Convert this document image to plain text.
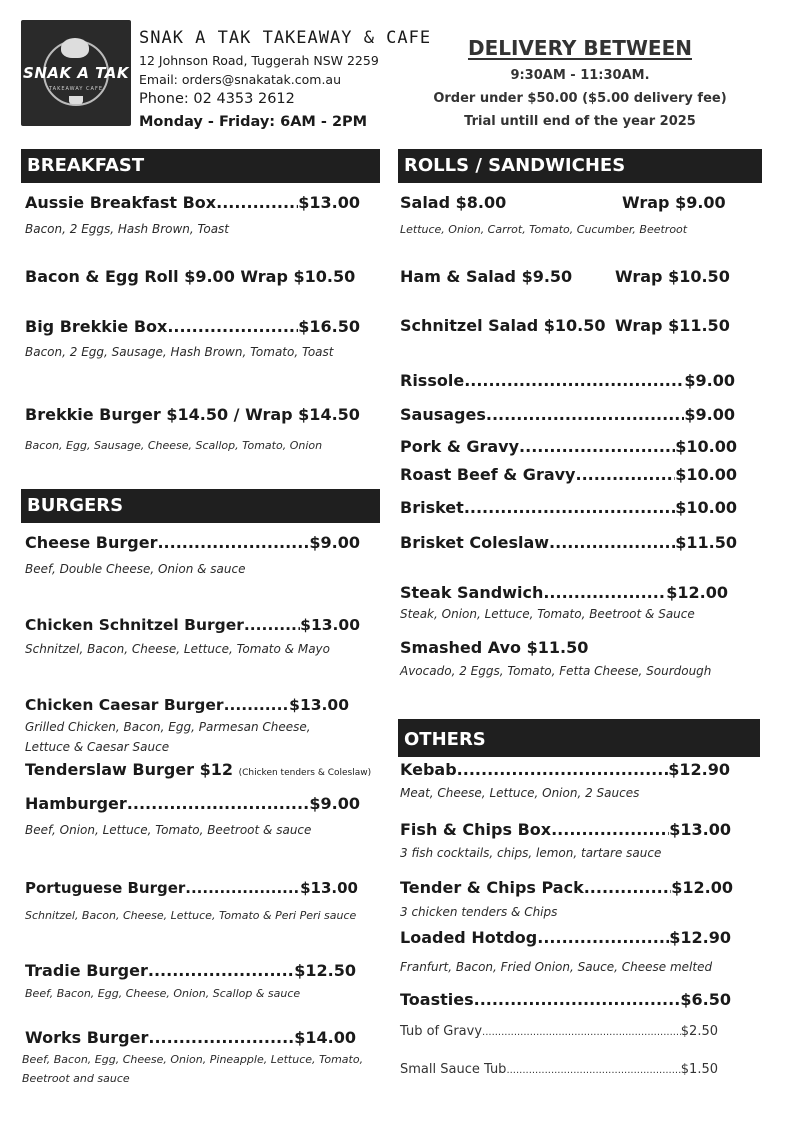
SNAK A TAK
TAKEAWAY CAFE
SNAK A TAK TAKEAWAY & CAFE
12 Johnson Road, Tuggerah NSW 2259
Email: orders@snakatak.com.au
Phone: 02 4353 2612
Monday - Friday: 6AM - 2PM
DELIVERY BETWEEN
9:30AM - 11:30AM.
Order under $50.00 ($5.00 delivery fee)
Trial untill end of the year 2025
BREAKFAST
Aussie Breakfast Box .....	$13.00
Bacon, 2 Eggs, Hash Brown, Toast
Bacon & Egg Roll $9.00 Wrap $10.50
Big Brekkie Box .....	$16.50
Bacon, 2 Egg, Sausage, Hash Brown, Tomato, Toast
Brekkie Burger $14.50 / Wrap $14.50
Bacon, Egg, Sausage, Cheese, Scallop, Tomato, Onion
BURGERS
Cheese Burger .....	$9.00
Beef, Double Cheese, Onion & sauce
Chicken Schnitzel Burger .....	$13.00
Schnitzel, Bacon, Cheese, Lettuce, Tomato & Mayo
Chicken Caesar Burger .....	$13.00
Grilled Chicken, Bacon, Egg, Parmesan Cheese,
Lettuce & Caesar Sauce
Tenderslaw Burger $12
(Chicken tenders & Coleslaw)
Hamburger .....	$9.00
Beef, Onion, Lettuce, Tomato, Beetroot & sauce
Portuguese Burger .....	$13.00
Schnitzel, Bacon, Cheese, Lettuce, Tomato & Peri Peri sauce
Tradie Burger .....	$12.50
Beef, Bacon, Egg, Cheese, Onion, Scallop & sauce
Works Burger .....	$14.00
Beef, Bacon, Egg, Cheese, Onion, Pineapple, Lettuce, Tomato,
Beetroot and sauce
ROLLS / SANDWICHES
Salad $8.00	Wrap $9.00
Lettuce, Onion, Carrot, Tomato, Cucumber, Beetroot
Ham & Salad $9.50	Wrap $10.50
Schnitzel Salad $10.50 Wrap $11.50
Rissole .....	$9.00
Sausages .....	$9.00
Pork & Gravy .....	$10.00
Roast Beef & Gravy .....	$10.00
Brisket .....	$10.00
Brisket Coleslaw .....	$11.50
Steak Sandwich .....	$12.00
Steak, Onion, Lettuce, Tomato, Beetroot & Sauce
Smashed Avo $11.50
Avocado, 2 Eggs, Tomato, Fetta Cheese, Sourdough
OTHERS
Kebab .....	$12.90
Meat, Cheese, Lettuce, Onion, 2 Sauces
Fish & Chips Box .....	$13.00
3 fish cocktails, chips, lemon, tartare sauce
Tender & Chips Pack .....	$12.00
3 chicken tenders & Chips
Loaded Hotdog .....	$12.90
Franfurt, Bacon, Fried Onion, Sauce, Cheese melted
Toasties .....	$6.50
Tub of Gravy .....	$2.50
Small Sauce Tub .....	$1.50
